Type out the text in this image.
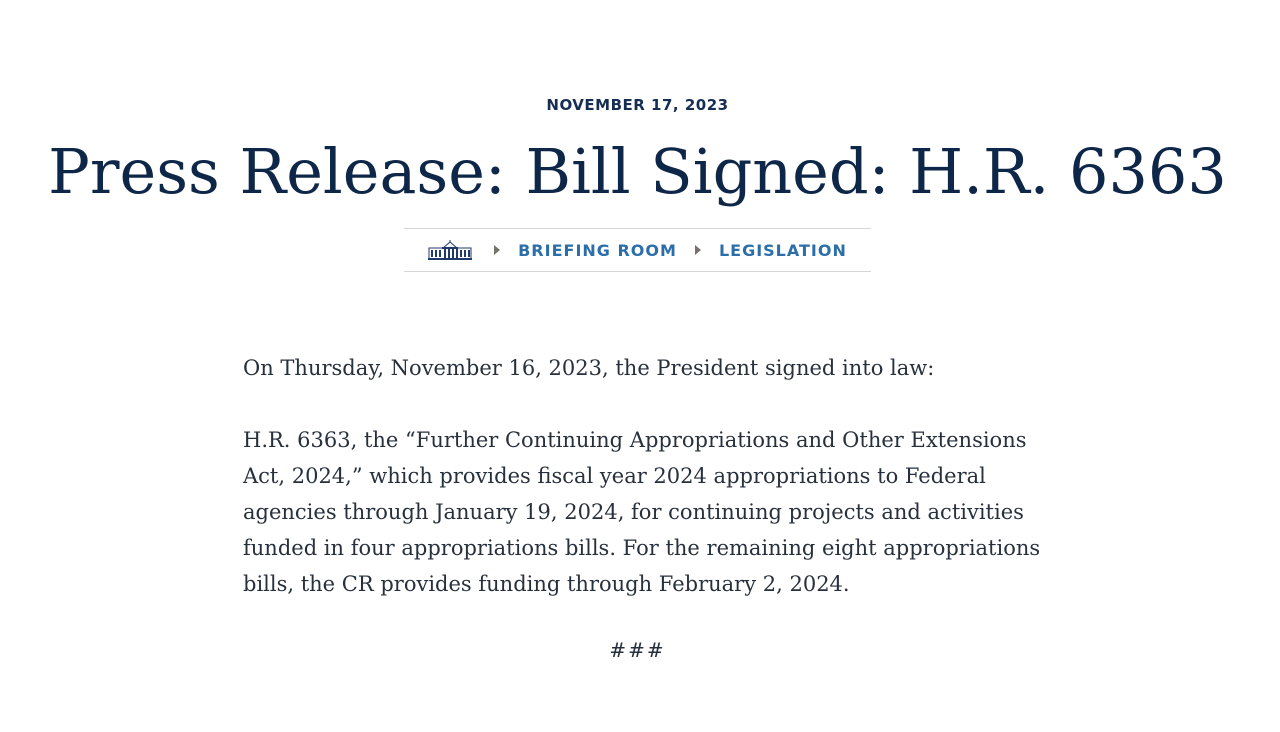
NOVEMBER 17, 2023
Press Release: Bill Signed: H.R. 6363
BRIEFING ROOM	LEGISLATION

On Thursday, November 16, 2023, the President signed into law:

H.R. 6363, the “Further Continuing Appropriations and Other Extensions Act, 2024,” which provides fiscal year 2024 appropriations to Federal agencies through January 19, 2024, for continuing projects and activities funded in four appropriations bills. For the remaining eight appropriations bills, the CR provides funding through February 2, 2024.

###
